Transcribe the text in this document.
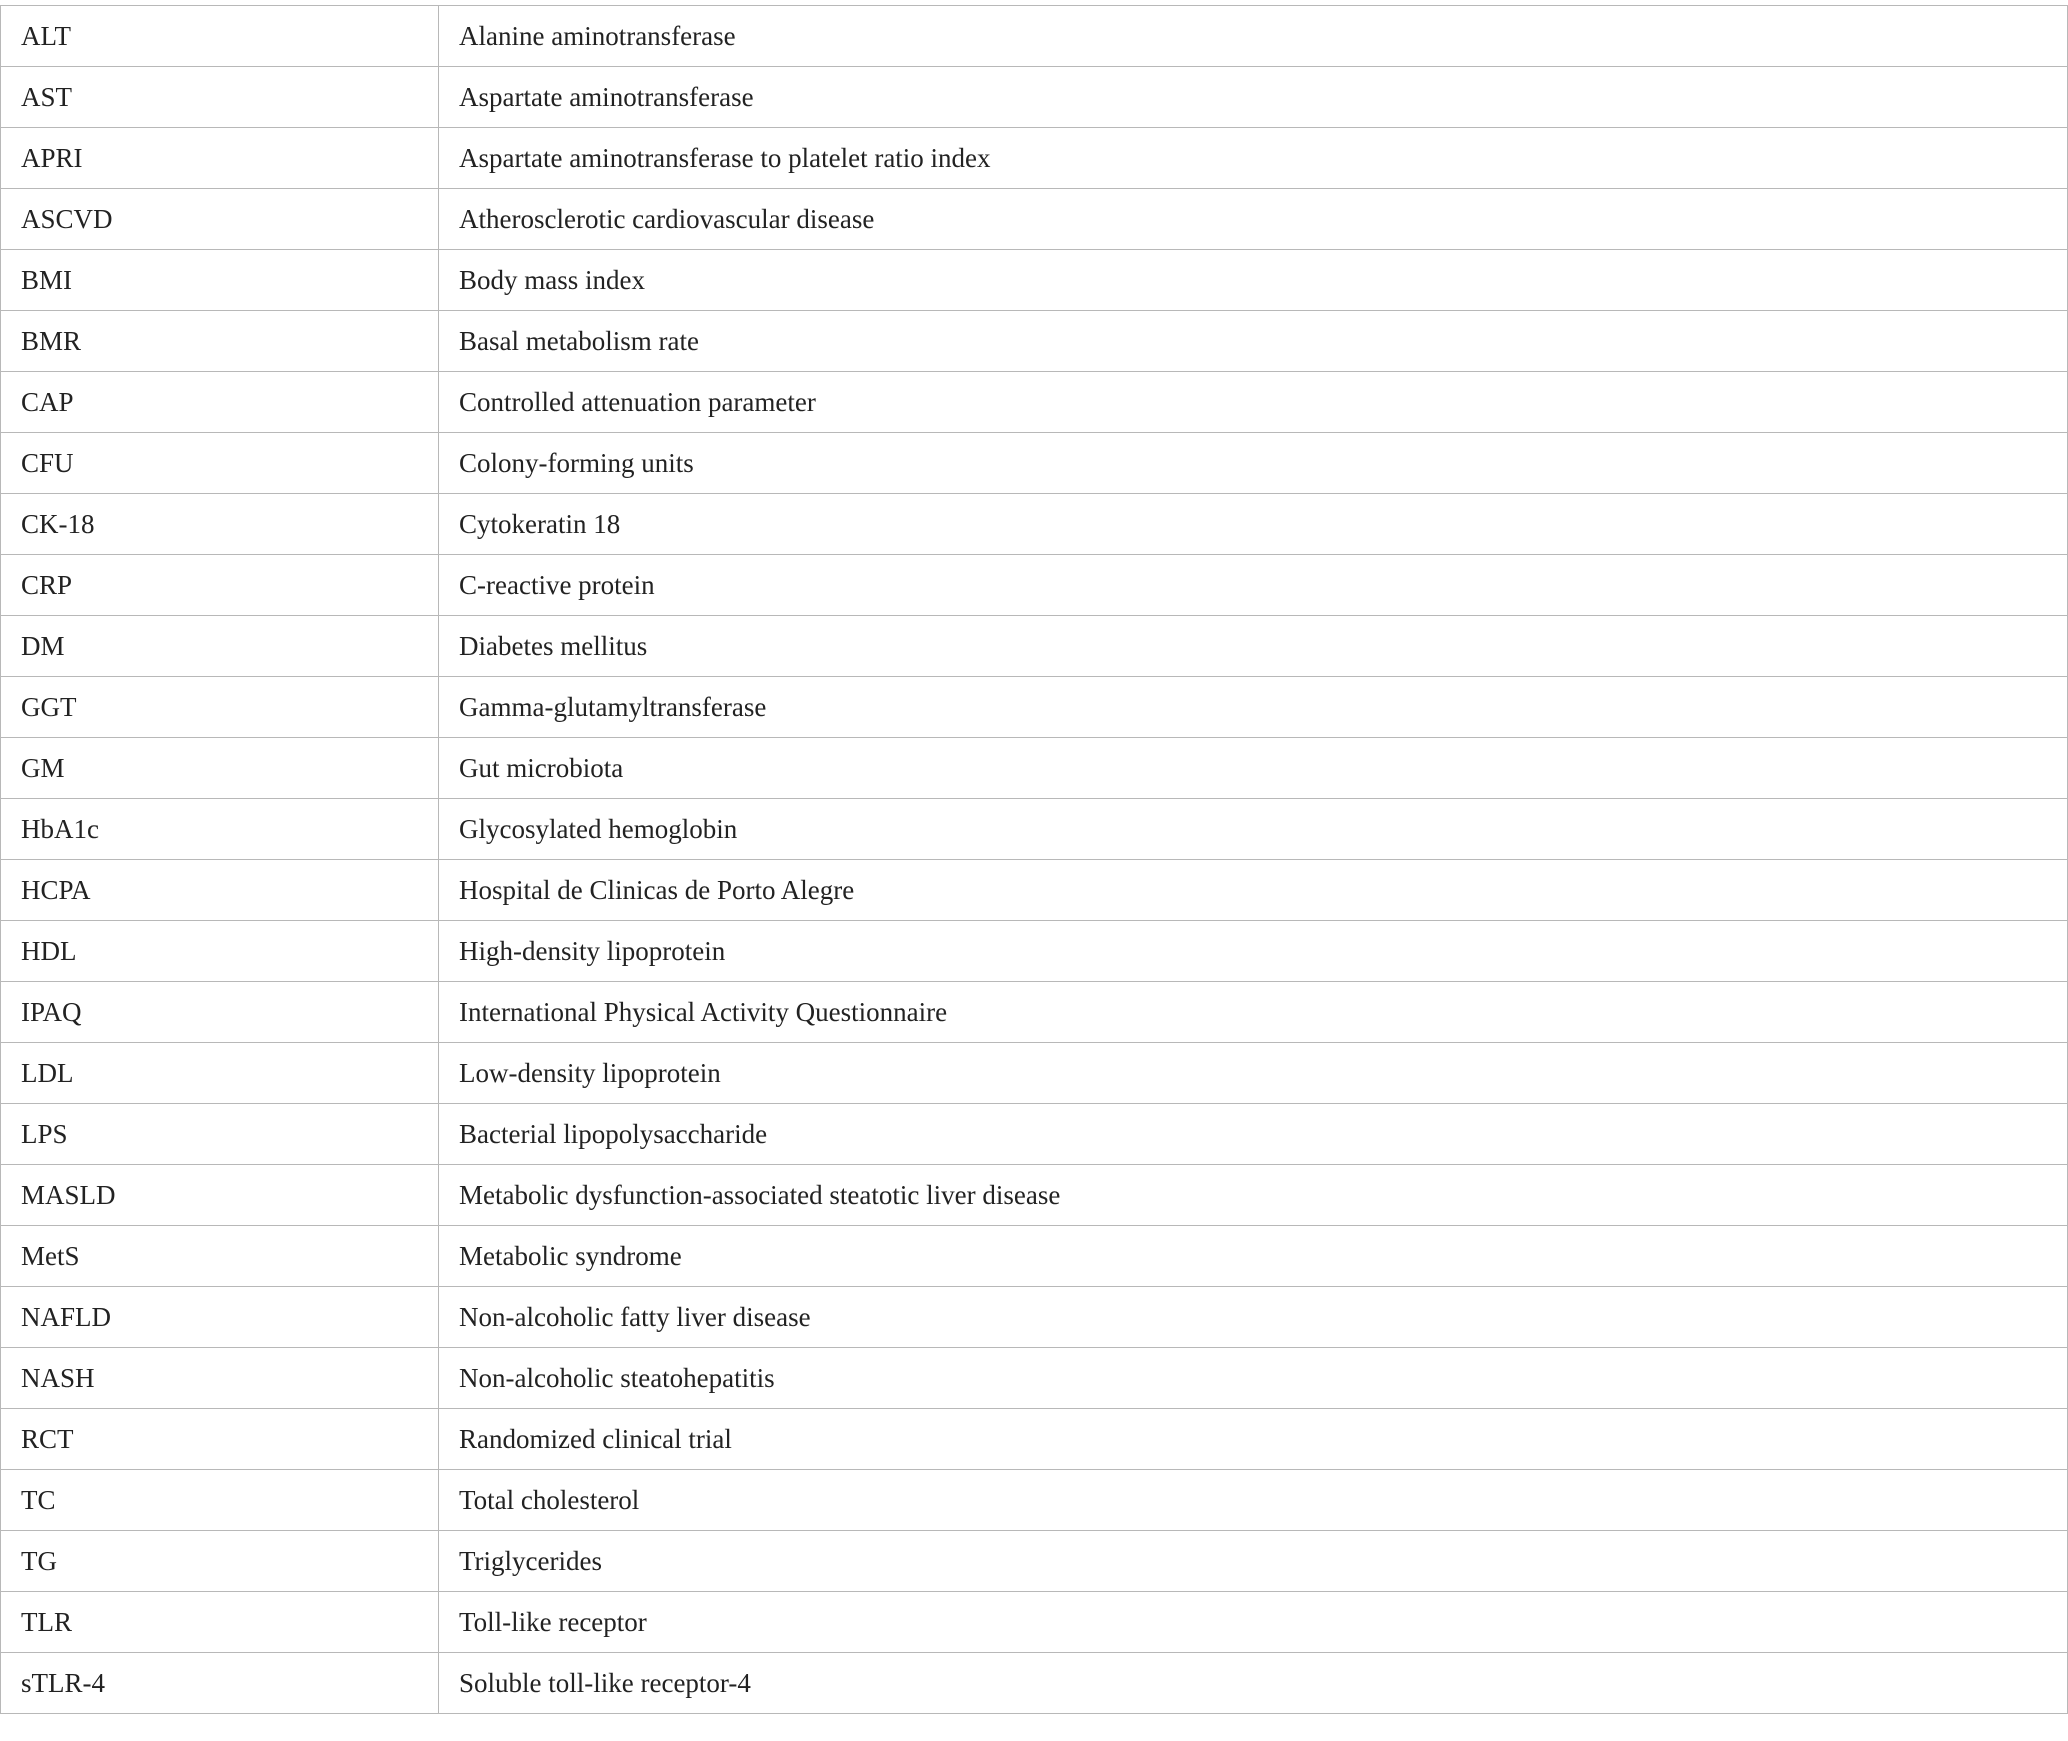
ALT	Alanine aminotransferase
AST	Aspartate aminotransferase
APRI	Aspartate aminotransferase to platelet ratio index
ASCVD	Atherosclerotic cardiovascular disease
BMI	Body mass index
BMR	Basal metabolism rate
CAP	Controlled attenuation parameter
CFU	Colony-forming units
CK-18	Cytokeratin 18
CRP	C-reactive protein
DM	Diabetes mellitus
GGT	Gamma-glutamyltransferase
GM	Gut microbiota
HbA1c	Glycosylated hemoglobin
HCPA	Hospital de Clinicas de Porto Alegre
HDL	High-density lipoprotein
IPAQ	International Physical Activity Questionnaire
LDL	Low-density lipoprotein
LPS	Bacterial lipopolysaccharide
MASLD	Metabolic dysfunction-associated steatotic liver disease
MetS	Metabolic syndrome
NAFLD	Non-alcoholic fatty liver disease
NASH	Non-alcoholic steatohepatitis
RCT	Randomized clinical trial
TC	Total cholesterol
TG	Triglycerides
TLR	Toll-like receptor
sTLR-4	Soluble toll-like receptor-4
